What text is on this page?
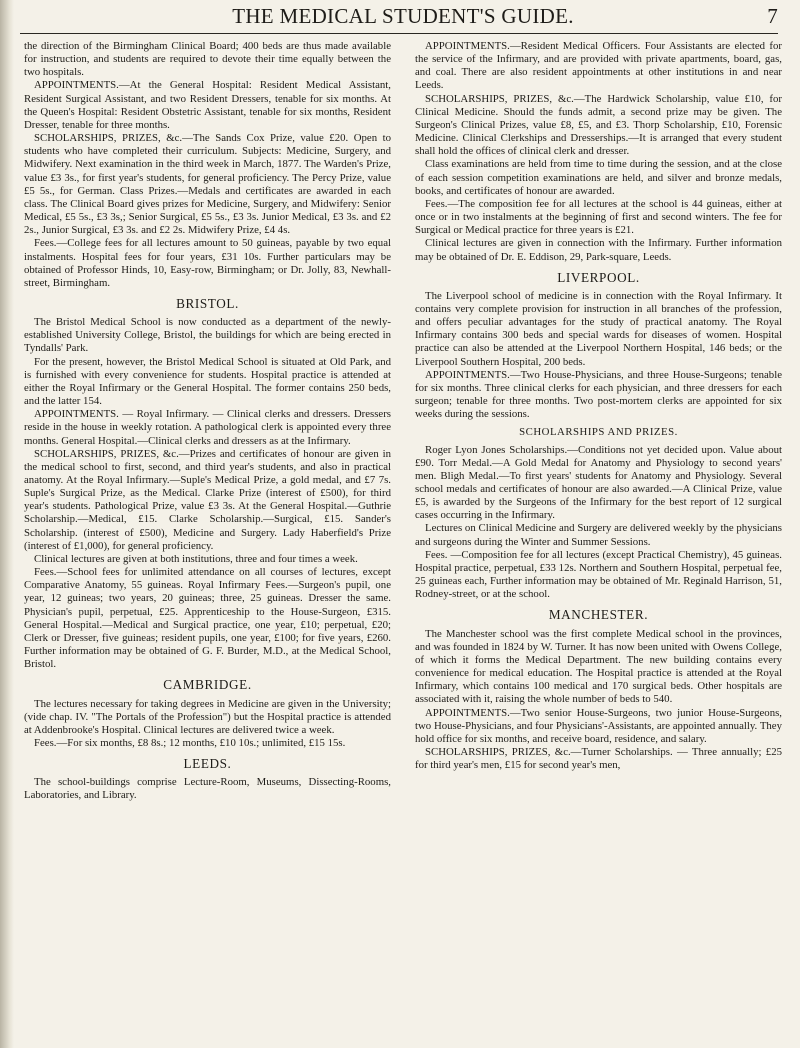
THE MEDICAL STUDENT'S GUIDE.	7

the direction of the Birmingham Clinical Board; 400 beds are thus made available for instruction, and students are required to devote their time equally between the two hospitals.

APPOINTMENTS.—At the General Hospital: Resident Medical Assistant, Resident Surgical Assistant, and two Resident Dressers, tenable for six months. At the Queen's Hospital: Resident Obstetric Assistant, tenable for six months, Resident Dresser, tenable for three months.

SCHOLARSHIPS, PRIZES, &c.—The Sands Cox Prize, value £20. Open to students who have completed their curriculum. Subjects: Medicine, Surgery, and Midwifery. Next examination in the third week in March, 1877. The Warden's Prize, value £3 3s., for first year's students, for general proficiency. The Percy Prize, value £5 5s., for German. Class Prizes.—Medals and certificates are awarded in each class. The Clinical Board gives prizes for Medicine, Surgery, and Midwifery: Senior Medical, £5 5s., £3 3s,; Senior Surgical, £5 5s., £3 3s. Junior Medical, £3 3s. and £2 2s., Junior Surgical, £3 3s. and £2 2s. Midwifery Prize, £4 4s.

Fees.—College fees for all lectures amount to 50 guineas, payable by two equal instalments. Hospital fees for four years, £31 10s. Further particulars may be obtained of Professor Hinds, 10, Easy-row, Birmingham; or Dr. Jolly, 83, Newhall-street, Birmingham.

BRISTOL.

The Bristol Medical School is now conducted as a department of the newly-established University College, Bristol, the buildings for which are being erected in Tyndalls' Park.

For the present, however, the Bristol Medical School is situated at Old Park, and is furnished with every convenience for students. Hospital practice is attended at either the Royal Infirmary or the General Hospital. The former contains 250 beds, and the latter 154.

APPOINTMENTS. — Royal Infirmary. — Clinical clerks and dressers. Dressers reside in the house in weekly rotation. A pathological clerk is appointed every three months. General Hospital.—Clinical clerks and dressers as at the Infirmary.

SCHOLARSHIPS, PRIZES, &c.—Prizes and certificates of honour are given in the medical school to first, second, and third year's students, and also in practical anatomy. At the Royal Infirmary.—Suple's Medical Prize, a gold medal, and £7 7s. Suple's Surgical Prize, as the Medical. Clarke Prize (interest of £500), for third year's students. Pathological Prize, value £3 3s. At the General Hospital.—Guthrie Scholarship.—Medical, £15. Clarke Scholarship.—Surgical, £15. Sander's Scholarship. (interest of £500), Medicine and Surgery. Lady Haberfield's Prize (interest of £1,000), for general proficiency.

Clinical lectures are given at both institutions, three and four times a week.

Fees.—School fees for unlimited attendance on all courses of lectures, except Comparative Anatomy, 55 guineas. Royal Infirmary Fees.—Surgeon's pupil, one year, 12 guineas; two years, 20 guineas; three, 25 guineas. Dresser the same. Physician's pupil, perpetual, £25. Apprenticeship to the House-Surgeon, £315. General Hospital.—Medical and Surgical practice, one year, £10; perpetual, £20; Clerk or Dresser, five guineas; resident pupils, one year, £100; for five years, £260. Further information may be obtained of G. F. Burder, M.D., at the Medical School, Bristol.

CAMBRIDGE.

The lectures necessary for taking degrees in Medicine are given in the University; (vide chap. IV. "The Portals of the Profession") but the Hospital practice is attended at Addenbrooke's Hospital. Clinical lectures are delivered twice a week.

Fees.—For six months, £8 8s.; 12 months, £10 10s.; unlimited, £15 15s.

LEEDS.

The school-buildings comprise Lecture-Room, Museums, Dissecting-Rooms, Laboratories, and Library.

APPOINTMENTS.—Resident Medical Officers. Four Assistants are elected for the service of the Infirmary, and are provided with private apartments, board, gas, and coal. There are also resident appointments at other institutions in and near Leeds.

SCHOLARSHIPS, PRIZES, &c.—The Hardwick Scholarship, value £10, for Clinical Medicine. Should the funds admit, a second prize may be given. The Surgeon's Clinical Prizes, value £8, £5, and £3. Thorp Scholarship, £10, Forensic Medicine. Clinical Clerkships and Dresserships.—It is arranged that every student shall hold the offices of clinical clerk and dresser.

Class examinations are held from time to time during the session, and at the close of each session competition examinations are held, and silver and bronze medals, books, and certificates of honour are awarded.

Fees.—The composition fee for all lectures at the school is 44 guineas, either at once or in two instalments at the beginning of first and second winters. The fee for Surgical or Medical practice for three years is £21.

Clinical lectures are given in connection with the Infirmary. Further information may be obtained of Dr. E. Eddison, 29, Park-square, Leeds.

LIVERPOOL.

The Liverpool school of medicine is in connection with the Royal Infirmary. It contains very complete provision for instruction in all branches of the profession, and offers peculiar advantages for the study of practical anatomy. The Royal Infirmary contains 300 beds and special wards for diseases of women. Hospital practice can also be attended at the Liverpool Northern Hospital, 146 beds; or the Liverpool Southern Hospital, 200 beds.

APPOINTMENTS.—Two House-Physicians, and three House-Surgeons; tenable for six months. Three clinical clerks for each physician, and three dressers for each surgeon; tenable for three months. Two post-mortem clerks are appointed for six weeks during the sessions.

SCHOLARSHIPS AND PRIZES.

Roger Lyon Jones Scholarships.—Conditions not yet decided upon. Value about £90. Torr Medal.—A Gold Medal for Anatomy and Physiology to second years' men. Bligh Medal.—To first years' students for Anatomy and Physiology. Several school medals and certificates of honour are also awarded.—A Clinical Prize, value £5, is awarded by the Surgeons of the Infirmary for the best report of 12 surgical cases occurring in the Infirmary.

Lectures on Clinical Medicine and Surgery are delivered weekly by the physicians and surgeons during the Winter and Summer Sessions.

Fees. —Composition fee for all lectures (except Practical Chemistry), 45 guineas. Hospital practice, perpetual, £33 12s. Northern and Southern Hospital, perpetual fee, 25 guineas each, Further information may be obtained of Mr. Reginald Harrison, 51, Rodney-street, or at the school.

MANCHESTER.

The Manchester school was the first complete Medical school in the provinces, and was founded in 1824 by W. Turner. It has now been united with Owens College, of which it forms the Medical Department. The new building contains every convenience for medical education. The Hospital practice is attended at the Royal Infirmary, which contains 100 medical and 170 surgical beds. Other hospitals are associated with it, raising the whole number of beds to 540.

APPOINTMENTS.—Two senior House-Surgeons, two junior House-Surgeons, two House-Physicians, and four Physicians'-Assistants, are appointed annually. They hold office for six months, and receive board, residence, and salary.

SCHOLARSHIPS, PRIZES, &c.—Turner Scholarships. — Three annually; £25 for third year's men, £15 for second year's men,
